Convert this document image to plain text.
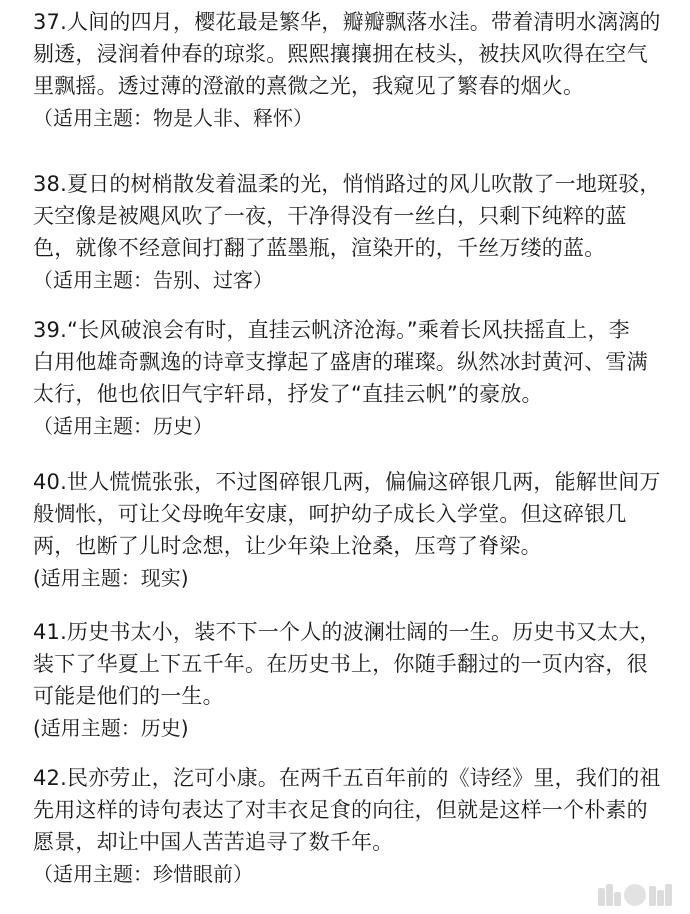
37.人间的四月，樱花最是繁华，瓣瓣飘落水洼。带着清明水漓漓的
剔透，浸润着仲春的琼浆。熙熙攘攘拥在枝头，被扶风吹得在空气
里飘摇。透过薄的澄澈的熹微之光，我窥见了繁春的烟火。
（适用主题：物是人非、释怀）
38.夏日的树梢散发着温柔的光，悄悄路过的风儿吹散了一地斑驳，
天空像是被飓风吹了一夜，干净得没有一丝白，只剩下纯粹的蓝
色，就像不经意间打翻了蓝墨瓶，渲染开的，千丝万缕的蓝。
（适用主题：告别、过客）
39.“长风破浪会有时，直挂云帆济沧海。”乘着长风扶摇直上，李
白用他雄奇飘逸的诗章支撑起了盛唐的璀璨。纵然冰封黄河、雪满
太行，他也依旧气宇轩昂，抒发了“直挂云帆”的豪放。
（适用主题：历史）
40.世人慌慌张张，不过图碎银几两，偏偏这碎银几两，能解世间万
般惆怅，可让父母晚年安康，呵护幼子成长入学堂。但这碎银几
两，也断了儿时念想，让少年染上沧桑，压弯了脊梁。
(适用主题：现实)
41.历史书太小，装不下一个人的波澜壮阔的一生。历史书又太大，
装下了华夏上下五千年。在历史书上，你随手翻过的一页内容，很
可能是他们的一生。
(适用主题：历史)
42.民亦劳止，汔可小康。在两千五百年前的《诗经》里，我们的祖
先用这样的诗句表达了对丰衣足食的向往，但就是这样一个朴素的
愿景，却让中国人苦苦追寻了数千年。
（适用主题：珍惜眼前）
